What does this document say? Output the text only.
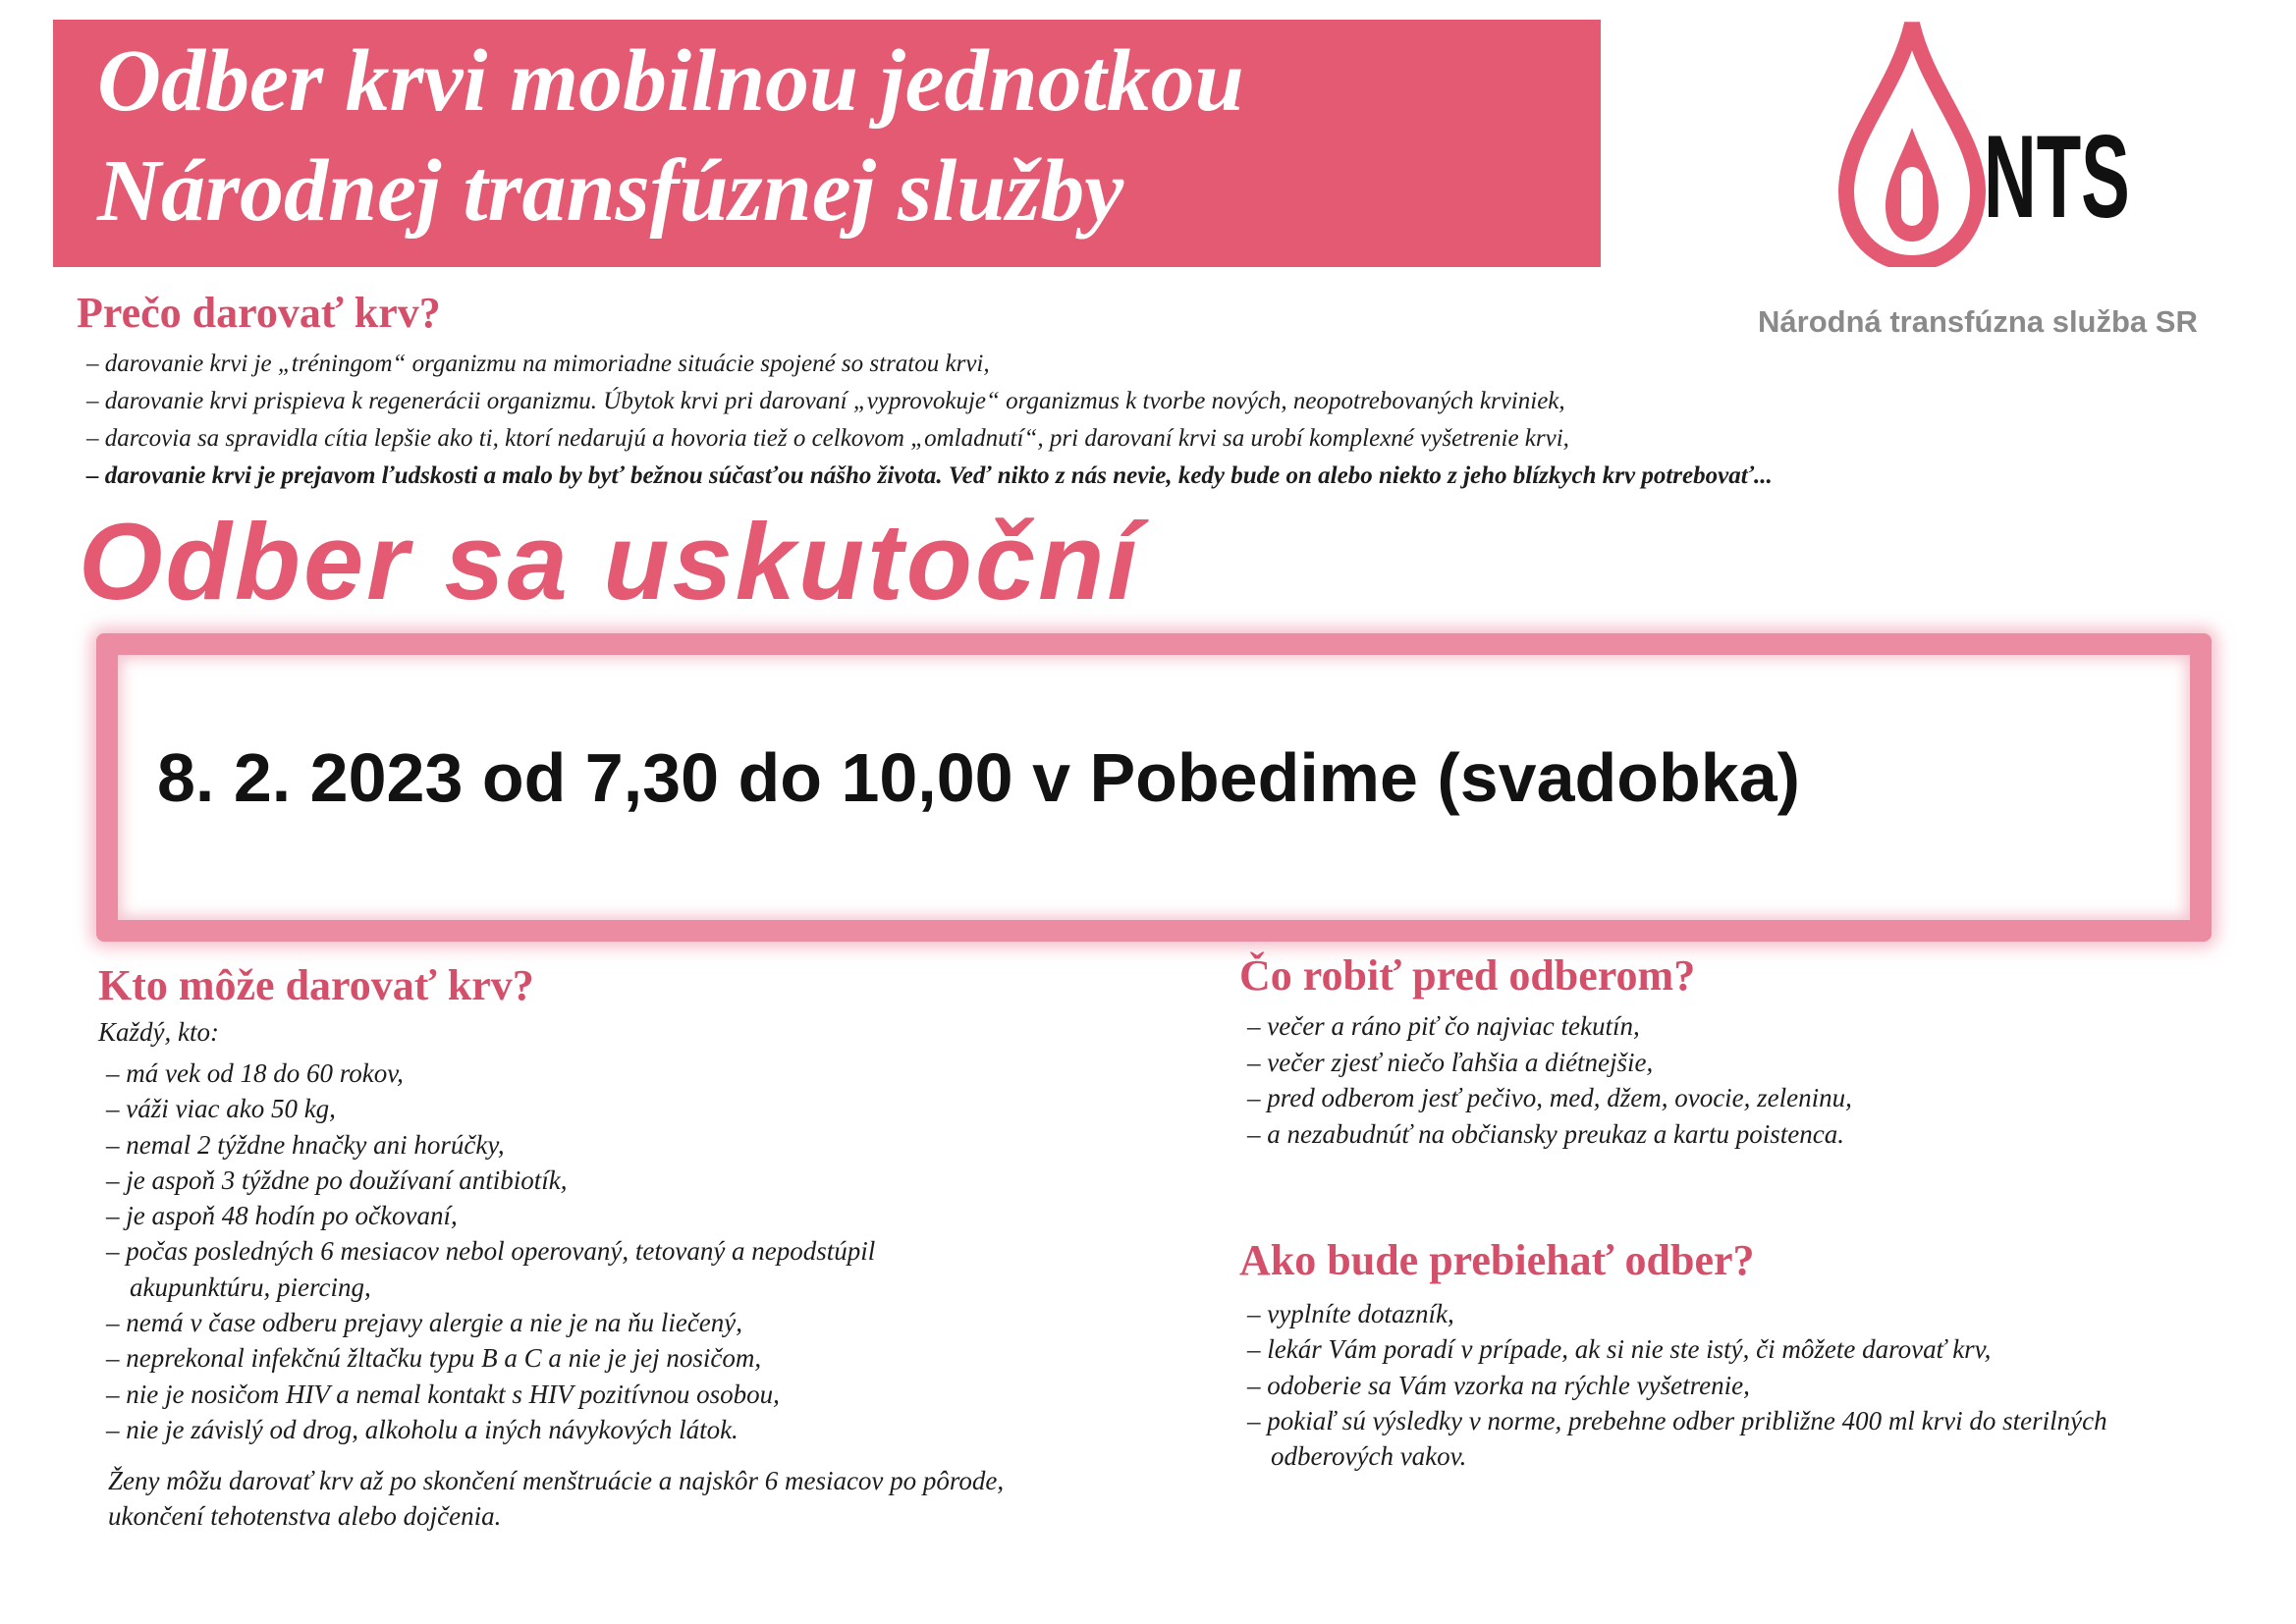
Odber krvi mobilnou jednotkou
Národnej transfúznej služby	NTS
Národná transfúzna služba SR
Prečo darovať krv?
– darovanie krvi je „tréningom“ organizmu na mimoriadne situácie spojené so stratou krvi,
– darovanie krvi prispieva k regenerácii organizmu. Úbytok krvi pri darovaní „vyprovokuje“ organizmus k tvorbe nových, neopotrebovaných krviniek,
– darcovia sa spravidla cítia lepšie ako ti, ktorí nedarujú a hovoria tiež o celkovom „omladnutí“, pri darovaní krvi sa urobí komplexné vyšetrenie krvi,
– darovanie krvi je prejavom ľudskosti a malo by byť bežnou súčasťou nášho života. Veď nikto z nás nevie, kedy bude on alebo niekto z jeho blízkych krv potrebovať...
Odber sa uskutoční

8. 2. 2023 od 7,30 do 10,00 v Pobedime (svadobka)

Kto môže darovať krv?

Každý, kto:

– má vek od 18 do 60 rokov,
– váži viac ako 50 kg,
– nemal 2 týždne hnačky ani horúčky,
– je aspoň 3 týždne po doužívaní antibiotík,
– je aspoň 48 hodín po očkovaní,
– počas posledných 6 mesiacov nebol operovaný, tetovaný a nepodstúpil akupunktúru, piercing,
– nemá v čase odberu prejavy alergie a nie je na ňu liečený,
– neprekonal infekčnú žltačku typu B a C a nie je jej nosičom,
– nie je nosičom HIV a nemal kontakt s HIV pozitívnou osobou,
– nie je závislý od drog, alkoholu a iných návykových látok.

Ženy môžu darovať krv až po skončení menštruácie a najskôr 6 mesiacov po pôrode, ukončení tehotenstva alebo dojčenia.

Čo robiť pred odberom?
– večer a ráno piť čo najviac tekutín,
– večer zjesť niečo ľahšia a diétnejšie,
– pred odberom jesť pečivo, med, džem, ovocie, zeleninu,
– a nezabudnúť na občiansky preukaz a kartu poistenca.
Ako bude prebiehať odber?
– vyplníte dotazník,
– lekár Vám poradí v prípade, ak si nie ste istý, či môžete darovať krv,
– odoberie sa Vám vzorka na rýchle vyšetrenie,
– pokiaľ sú výsledky v norme, prebehne odber približne 400 ml krvi do sterilných odberových vakov.
